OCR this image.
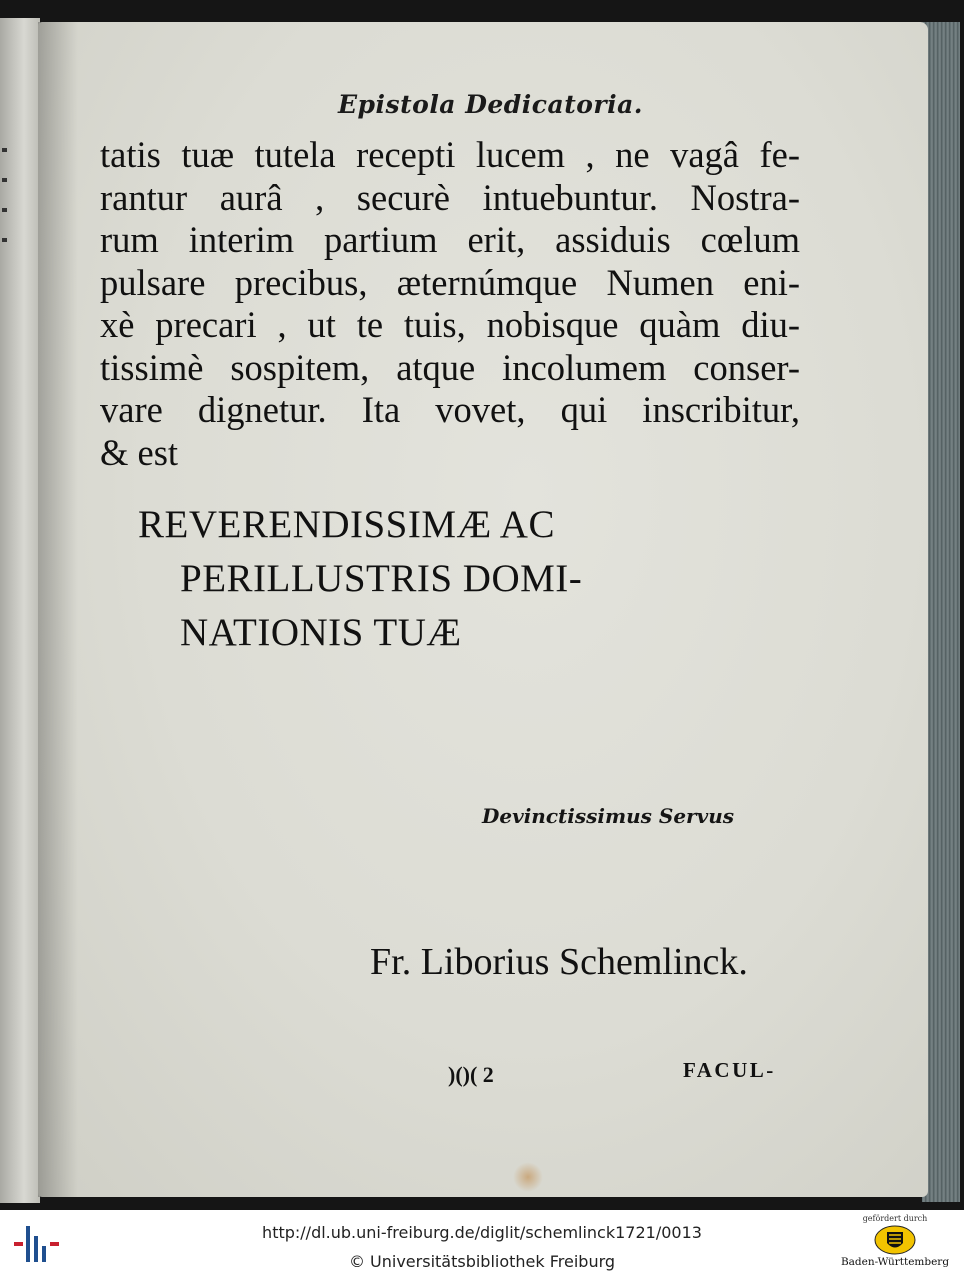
Epistola Dedicatoria.
tatis tuæ tutela recepti lucem , ne vagâ fe-
rantur aurâ , securè intuebuntur. Nostra-
rum interim partium erit, assiduis cœlum
pulsare precibus, æternúmque Numen eni-
xè precari , ut te tuis, nobisque quàm diu-
tissimè sospitem, atque incolumem conser-
vare dignetur. Ita vovet, qui inscribitur,
& est
REVERENDISSIMÆ AC
PERILLUSTRIS DOMI-
NATIONIS TUÆ
Devinctissimus Servus
Fr. Liborius Schemlinck.
)()( 2	FACUL-
http://dl.ub.uni-freiburg.de/diglit/schemlinck1721/0013
© Universitätsbibliothek Freiburg
gefördert durch
Baden-Württemberg
